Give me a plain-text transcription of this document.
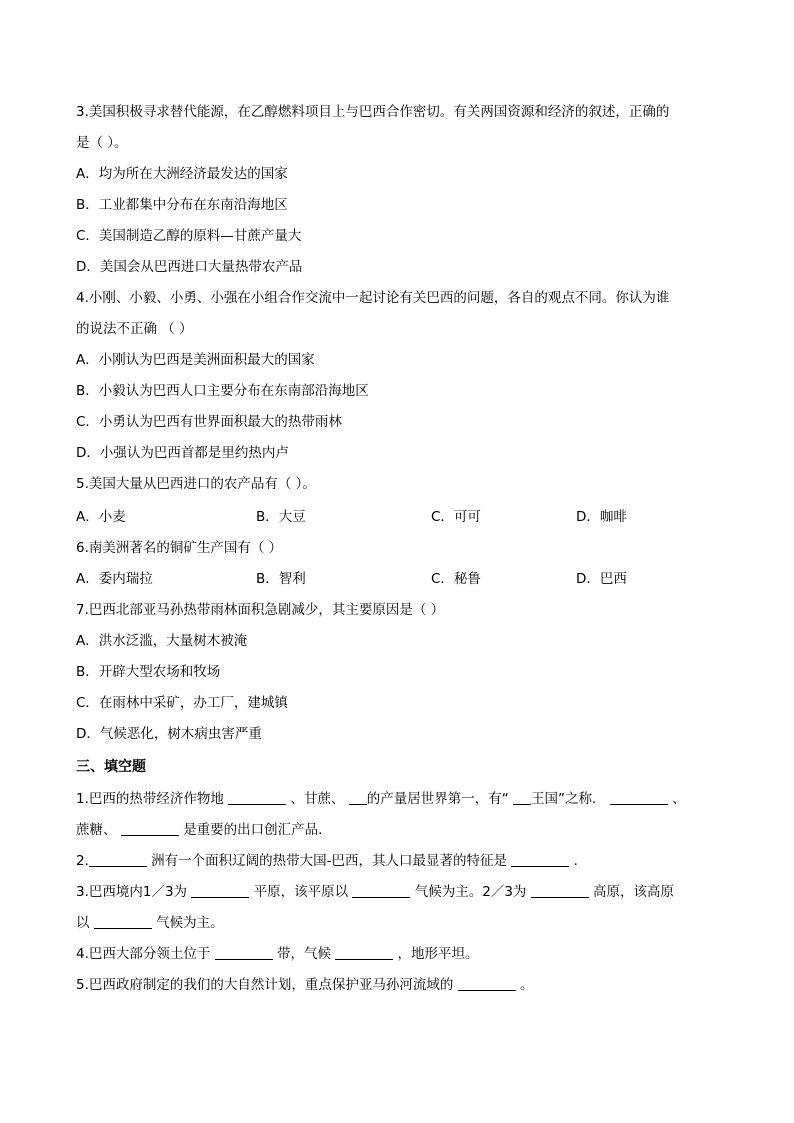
3.美国积极寻求替代能源，在乙醇燃料项目上与巴西合作密切。有关两国资源和经济的叙述，正确的
是（ ）。
A．均为所在大洲经济最发达的国家
B．工业都集中分布在东南沿海地区
C．美国制造乙醇的原料—甘蔗产量大
D．美国会从巴西进口大量热带农产品
4.小刚、小毅、小勇、小强在小组合作交流中一起讨论有关巴西的问题，各自的观点不同。你认为谁
的说法不正确 （ ）
A．小刚认为巴西是美洲面积最大的国家
B．小毅认为巴西人口主要分布在东南部沿海地区
C．小勇认为巴西有世界面积最大的热带雨林
D．小强认为巴西首都是里约热内卢
5.美国大量从巴西进口的农产品有（ ）。
A．小麦	B．大豆	C．可可	D．咖啡
6.南美洲著名的铜矿生产国有（ ）
A．委内瑞拉	B．智利	C．秘鲁	D．巴西
7.巴西北部亚马孙热带雨林面积急剧减少，其主要原因是（ ）
A．洪水泛滥，大量树木被淹
B．开辟大型农场和牧场
C．在雨林中采矿，办工厂，建城镇
D．气候恶化，树木病虫害严重
三、填空题
1.巴西的热带经济作物地	、甘蔗、 的产量居世界第一，有“ 王国”之称．	、
蔗糖、	是重要的出口创汇产品．
2.	洲有一个面积辽阔的热带大国-巴西，其人口最显著的特征是	．
3.巴西境内1／3为	平原，该平原以	气候为主。2／3为	高原，该高原
以	气候为主。
4.巴西大部分领土位于	带，气候	，地形平坦。
5.巴西政府制定的我们的大自然计划，重点保护亚马孙河流域的	。
